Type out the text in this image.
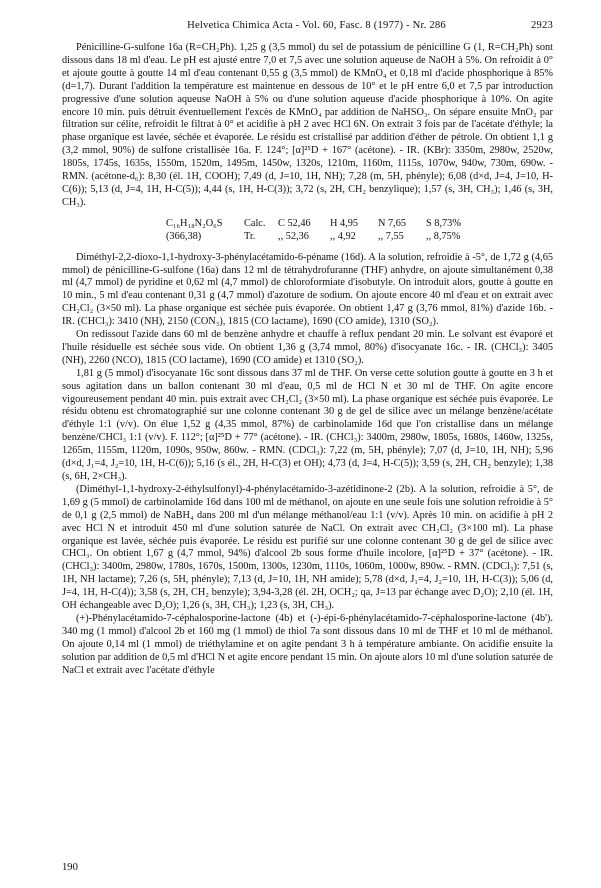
Helvetica Chimica Acta - Vol. 60, Fasc. 8 (1977) - Nr. 286	2923

Pénicilline-G-sulfone 16a (R=CH₂Ph). 1,25 g (3,5 mmol) du sel de potassium de pénicilline G (1, R=CH₂Ph) sont dissous dans 18 ml d'eau. Le pH est ajusté entre 7,0 et 7,5 avec une solution aqueuse de NaOH à 5%. On refroidit à 0° et ajoute goutte à goutte 14 ml d'eau contenant 0,55 g (3,5 mmol) de KMnO₄ et 0,18 ml d'acide phosphorique à 85% (d=1,7). Durant l'addition la température est maintenue en dessous de 10° et le pH entre 6,0 et 7,5 par introduction progressive d'une solution aqueuse NaOH à 5% ou d'une solution aqueuse d'acide phosphorique à 10%. On agite encore 10 min. puis détruit éventuellement l'excès de KMnO₄ par addition de NaHSO₃. On sépare ensuite MnO₂ par filtration sur célite, refroidit le filtrat à 0° et acidifie à pH 2 avec HCl 6N. On extrait 3 fois par de l'acétate d'éthyle; la phase organique est lavée, séchée et évaporée. Le résidu est cristallisé par addition d'éther de pétrole. On obtient 1,1 g (3,2 mmol, 90%) de sulfone cristallisée 16a. F. 124°; [α]²⁵D + 167° (acétone). - IR. (KBr): 3350m, 2980w, 2520w, 1805s, 1745s, 1635s, 1550m, 1520m, 1495m, 1450w, 1320s, 1210m, 1160m, 1115s, 1070w, 940w, 730m, 690w. - RMN. (acétone-d₆): 8,30 (él. 1H, COOH); 7,49 (d, J=10, 1H, NH); 7,28 (m, 5H, phényle); 6,08 (d×d, J=4, J=10, H-C(6)); 5,13 (d, J=4, 1H, H-C(5)); 4,44 (s, 1H, H-C(3)); 3,72 (s, 2H, CH₂ benzylique); 1,57 (s, 3H, CH₃); 1,46 (s, 3H, CH₃).

C₁₆H₁₈N₂O₆S	Calc.	C 52,46	H 4,95	N 7,65	S 8,73%
(366,38)	Tr.	,, 52,36	,, 4,92	,, 7,55	,, 8,75%

Diméthyl-2,2-dioxo-1,1-hydroxy-3-phénylacétamido-6-pénаme (16d). A la solution, refroidie à -5°, de 1,72 g (4,65 mmol) de pénicilline-G-sulfone (16a) dans 12 ml de tétrahydrofuranne (THF) anhydre, on ajoute simultanément 0,38 ml (4,7 mmol) de pyridine et 0,62 ml (4,7 mmol) de chloroformiate d'isobutyle. On introduit alors, goutte à goutte en 10 min., 5 ml d'eau contenant 0,31 g (4,7 mmol) d'azoture de sodium. On ajoute encore 40 ml d'eau et on extrait avec CH₂Cl₂ (3×50 ml). La phase organique est séchée puis évaporée. On obtient 1,47 g (3,76 mmol, 81%) d'azide 16b. - IR. (CHCl₃): 3410 (NH), 2150 (CON₃), 1815 (CO lactame), 1690 (CO amide), 1310 (SO₂).

On redissout l'azide dans 60 ml de benzène anhydre et chauffe à reflux pendant 20 min. Le solvant est évaporé et l'huile résiduelle est séchée sous vide. On obtient 1,36 g (3,74 mmol, 80%) d'isocyanate 16c. - IR. (CHCl₃): 3405 (NH), 2260 (NCO), 1815 (CO lactame), 1690 (CO amide) et 1310 (SO₂).

1,81 g (5 mmol) d'isocyanate 16c sont dissous dans 37 ml de THF. On verse cette solution goutte à goutte en 3 h et sous agitation dans un ballon contenant 30 ml d'eau, 0,5 ml de HCl N et 30 ml de THF. On agite encore vigoureusement pendant 40 min. puis extrait avec CH₂Cl₂ (3×50 ml). La phase organique est séchée puis évaporée. Le résidu obtenu est chromatographié sur une colonne contenant 30 g de gel de silice avec un mélange benzène/acétate d'éthyle 1:1 (v/v). On élue 1,52 g (4,35 mmol, 87%) de carbinolamide 16d que l'on cristallise dans un mélange benzène/CHCl₃ 1:1 (v/v). F. 112°; [α]²⁵D + 77° (acétone). - IR. (CHCl₃): 3400m, 2980w, 1805s, 1680s, 1460w, 1325s, 1265m, 1155m, 1120m, 1090s, 950w, 860w. - RMN. (CDCl₃): 7,22 (m, 5H, phényle); 7,07 (d, J=10, 1H, NH); 5,96 (d×d, J₁=4, J₂=10, 1H, H-C(6)); 5,16 (s él., 2H, H-C(3) et OH); 4,73 (d, J=4, H-C(5)); 3,59 (s, 2H, CH₂ benzyle); 1,38 (s, 6H, 2×CH₃).

(Diméthyl-1,1-hydroxy-2-éthylsulfonyl)-4-phénylacétamido-3-azétidinone-2 (2b). A la solution, refroidie à 5°, de 1,69 g (5 mmol) de carbinolamide 16d dans 100 ml de méthanol, on ajoute en une seule fois une solution refroidie à 5° de 0,1 g (2,5 mmol) de NaBH₄ dans 200 ml d'un mélange méthanol/eau 1:1 (v/v). Après 10 min. on acidifie à pH 2 avec HCl N et introduit 450 ml d'une solution saturée de NaCl. On extrait avec CH₂Cl₂ (3×100 ml). La phase organique est lavée, séchée puis évaporée. Le résidu est purifié sur une colonne contenant 30 g de gel de silice avec CHCl₃. On obtient 1,67 g (4,7 mmol, 94%) d'alcool 2b sous forme d'huile incolore, [α]²⁵D + 37° (acétone). - IR. (CHCl₃): 3400m, 2980w, 1780s, 1670s, 1500m, 1300s, 1230m, 1110s, 1060m, 1000w, 890w. - RMN. (CDCl₃): 7,51 (s, 1H, NH lactame); 7,26 (s, 5H, phényle); 7,13 (d, J=10, 1H, NH amide); 5,78 (d×d, J₁=4, J₂=10, 1H, H-C(3)); 5,06 (d, J=4, 1H, H-C(4)); 3,58 (s, 2H, CH₂ benzyle); 3,94-3,28 (él. 2H, OCH₂; qa, J=13 par échange avec D₂O); 2,10 (él. 1H, OH échangeable avec D₂O); 1,26 (s, 3H, CH₃); 1,23 (s, 3H, CH₃).

(+)-Phénylacétamido-7-céphalosporine-lactone (4b) et (-)-épi-6-phénylacétamido-7-céphalosporine-lactone (4b'). 340 mg (1 mmol) d'alcool 2b et 160 mg (1 mmol) de thiol 7a sont dissous dans 10 ml de THF et 10 ml de méthanol. On ajoute 0,14 ml (1 mmol) de triéthylamine et on agite pendant 3 h à température ambiante. On acidifie ensuite la solution par addition de 0,5 ml d'HCl N et agite encore pendant 15 min. On ajoute alors 10 ml d'une solution saturée de NaCl et extrait avec l'acétate d'éthyle

190
